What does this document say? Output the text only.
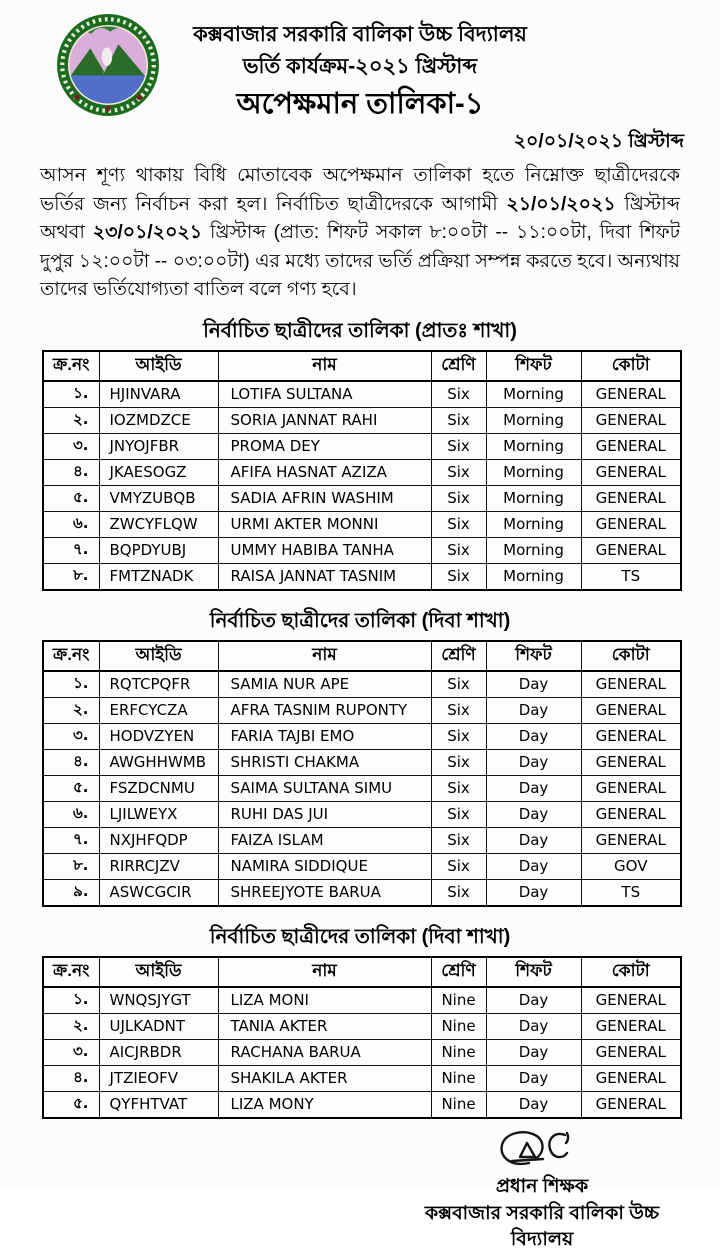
কক্সবাজার সরকারি বালিকা উচ্চ বিদ্যালয়
ভর্তি কার্যক্রম-২০২১ খ্রিস্টাব্দ
অপেক্ষমান তালিকা-১
২০/০১/২০২১ খ্রিস্টাব্দ

আসন শূণ্য থাকায় বিধি মোতাবেক অপেক্ষমান তালিকা হতে নিম্নোক্ত ছাত্রীদেরকে ভর্তির জন্য নির্বাচন করা হল। নির্বাচিত ছাত্রীদেরকে আগামী ২১/০১/২০২১ খ্রিস্টাব্দ অথবা ২৩/০১/২০২১ খ্রিস্টাব্দ (প্রাত: শিফট সকাল ৮:০০টা -- ১১:০০টা, দিবা শিফট দুপুর ১২:০০টা -- ০৩:০০টা) এর মধ্যে তাদের ভর্তি প্রক্রিয়া সম্পন্ন করতে হবে। অন্যথায় তাদের ভর্তিযোগ্যতা বাতিল বলে গণ্য হবে।

নির্বাচিত ছাত্রীদের তালিকা (প্রাতঃ শাখা)
ক্র.নং	আইডি	নাম	শ্রেণি	শিফট	কোটা
১.	HJINVARA	LOTIFA SULTANA	Six	Morning	GENERAL
২.	IOZMDZCE	SORIA JANNAT RAHI	Six	Morning	GENERAL
৩.	JNYOJFBR	PROMA DEY	Six	Morning	GENERAL
৪.	JKAESOGZ	AFIFA HASNAT AZIZA	Six	Morning	GENERAL
৫.	VMYZUBQB	SADIA AFRIN WASHIM	Six	Morning	GENERAL
৬.	ZWCYFLQW	URMI AKTER MONNI	Six	Morning	GENERAL
৭.	BQPDYUBJ	UMMY HABIBA TANHA	Six	Morning	GENERAL
৮.	FMTZNADK	RAISA JANNAT TASNIM	Six	Morning	TS
নির্বাচিত ছাত্রীদের তালিকা (দিবা শাখা)
ক্র.নং	আইডি	নাম	শ্রেণি	শিফট	কোটা
১.	RQTCPQFR	SAMIA NUR APE	Six	Day	GENERAL
২.	ERFCYCZA	AFRA TASNIM RUPONTY	Six	Day	GENERAL
৩.	HODVZYEN	FARIA TAJBI EMO	Six	Day	GENERAL
৪.	AWGHHWMB	SHRISTI CHAKMA	Six	Day	GENERAL
৫.	FSZDCNMU	SAIMA SULTANA SIMU	Six	Day	GENERAL
৬.	LJILWEYX	RUHI DAS JUI	Six	Day	GENERAL
৭.	NXJHFQDP	FAIZA ISLAM	Six	Day	GENERAL
৮.	RIRRCJZV	NAMIRA SIDDIQUE	Six	Day	GOV
৯.	ASWCGCIR	SHREEJYOTE BARUA	Six	Day	TS
নির্বাচিত ছাত্রীদের তালিকা (দিবা শাখা)
ক্র.নং	আইডি	নাম	শ্রেণি	শিফট	কোটা
১.	WNQSJYGT	LIZA MONI	Nine	Day	GENERAL
২.	UJLKADNT	TANIA AKTER	Nine	Day	GENERAL
৩.	AICJRBDR	RACHANA BARUA	Nine	Day	GENERAL
৪.	JTZIEOFV	SHAKILA AKTER	Nine	Day	GENERAL
৫.	QYFHTVAT	LIZA MONY	Nine	Day	GENERAL
প্রধান শিক্ষক
কক্সবাজার সরকারি বালিকা উচ্চ বিদ্যালয়
